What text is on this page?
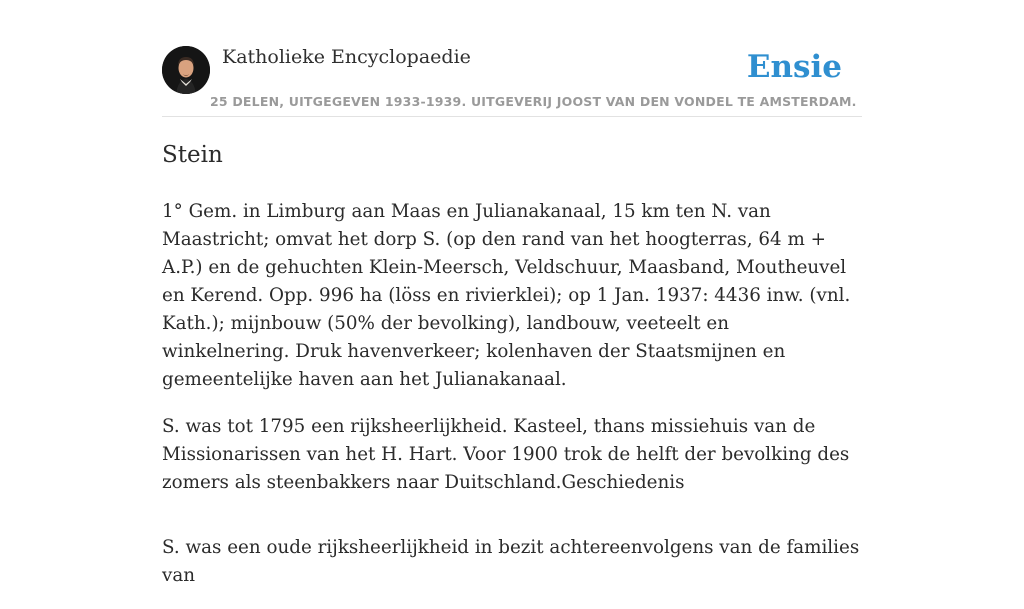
Katholieke Encyclopaedie
25 DELEN, UITGEGEVEN 1933-1939. UITGEVERIJ JOOST VAN DEN VONDEL TE AMSTERDAM.
Ensie
Stein

1° Gem. in Limburg aan Maas en Julianakanaal, 15 km ten N. van Maastricht; omvat het dorp S. (op den rand van het hoogterras, 64 m + A.P.) en de gehuchten Klein-Meersch, Veldschuur, Maasband, Moutheuvel en Kerend. Opp. 996 ha (löss en rivierklei); op 1 Jan. 1937: 4436 inw. (vnl. Kath.); mijnbouw (50% der bevolking), landbouw, veeteelt en winkelnering. Druk havenverkeer; kolenhaven der Staatsmijnen en gemeentelijke haven aan het Julianakanaal.

S. was tot 1795 een rijksheerlijkheid. Kasteel, thans missiehuis van de Missionarissen van het H. Hart. Voor 1900 trok de helft der bevolking des zomers als steenbakkers naar Duitschland.Geschiedenis

S. was een oude rijksheerlijkheid in bezit achtereenvolgens van de families van
